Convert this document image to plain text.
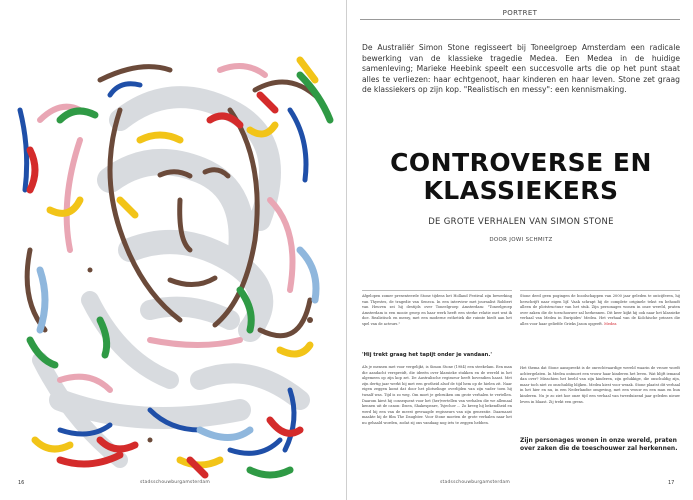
16	stadsschouwburgamsterdam
PORTRET
De Australiër Simon Stone regisseert bij Toneelgroep Amsterdam een radicale bewerking van de klassieke tragedie Medea. Een Medea in de huidige samenleving; Marieke Heebink speelt een succesvolle arts die op het punt staat alles te verliezen: haar echtgenoot, haar kinderen en haar leven. Stone zet graag de klassiekers op zijn kop. "Realistisch en messy": een kennismaking.
CONTROVERSE EN
KLASSIEKERS
DE GROTE VERHALEN VAN SIMON STONE
DOOR JOWI SCHMITZ

Afgelopen zomer presenteerde Stone tijdens het Holland Festival zijn bewerking van Thyestes, de tragedie van Seneca. In een interview met journalist Robbert van Heuven zei hij destijds over Toneelgroep Amsterdam: "Toneelgroep Amsterdam is een mooie groep en haar werk heeft een sterke relatie met wat ik doe. Realistisch en messy, met een moderne esthetiek die ruimte biedt aan het spel van de acteurs."

'Hij trekt graag het tapijt onder je vandaan.'

Als je mensen met voor vergelijkt, is Simon Stone (1984) een steekvlam. Een man die aandacht verspreidt, die ideeën over klassieke stukken en de wereld in het algemeen op zijn kop zet. De Australische regisseur heeft bovendien haast. Met zijn dertig jaar werkt hij met een grotheid alsof de tijd hem op de hielen zit. Naar eigen zeggen komt dat door het plotselinge overlijden van zijn vader toen hij twaalf was. Tijd is zo weg. Om moet je gebruiken om grote verhalen te vertellen. Daarom kiest hij consequent voor het (her)vertellen van verhalen die we allemaal kennen uit de canon: Ibsen, Shakespeare, Tsjechov ... Zo kreeg hij bekendheid en werd hij een van de meest gevraagde regisseurs van zijn generatie. Daarnaast maakte hij de film The Daughter. Voor Stone moeten de grote verhalen naar het nu gehaald worden, zodat zij ons vandaag nog iets te zeggen hebben.

Stone deed geen pogingen de boodschappen van 2000 jaar geleden te ontcijferen, hij herschrijft naar eigen lijf. Vaak schrapt hij de complete originele tekst en behoudt alleen de plotstructuur van het stuk. Zijn personages wonen in onze wereld, praten over zaken die de toeschouwer zal herkennen. Dit keer kijkt hij ook naar het klassieke verhaal van Medea in Euripides' Medea. Het verhaal van de Kolchische prinses die alles voor haar geliefde Grieks Jason opgeeft. Medea

Het thema dat Stone aanspreekt is de onrechtvaardige wereld waarin de vrouw wordt achtergelaten. In Medea ontmoet een vrouw haar kinderen het leven. Wat blijft iemand dan over? Misschien het beeld van zijn kinderen, zijn gelukkige, die onschuldig zijn, maar toch niet zo onschuldig blijken. Medea kiest voor wraak. Stone plaatst dit verhaal in het hier en nu, in een Nederlandse omgeving, met een vrouw en een man en hun kinderen. Nu je zo ziet hoe onze tijd een verhaal van tweeduizend jaar geleden nieuw leven in blaast. Zij trekt een grens.

Zijn personages wonen in onze wereld, praten over zaken die de toeschouwer zal herkennen.
stadsschouwburgamsterdam	17
